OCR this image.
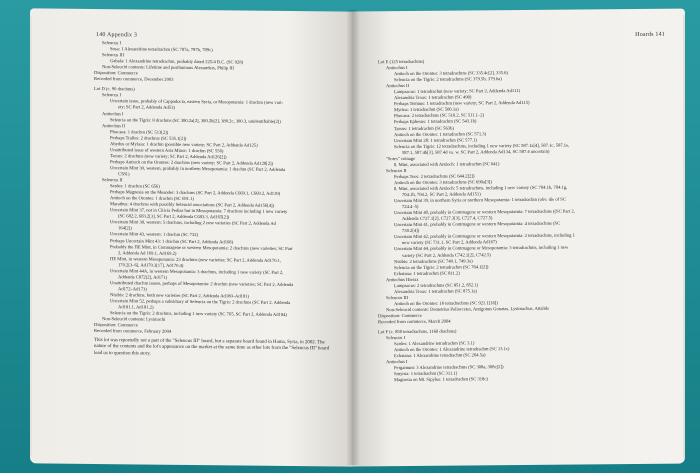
140 Appendix 3
Seleucus I
Susa: 1 Alexandrine tetradrachm (SC 787a, 787b, 789c)
Seleucus III
Gabala: 1 Alexandrine tetradrachm, probably dated 225/4 B.C. (SC 928)
Non-Seleucid contents: Lifetime and posthumous Alexanders, Philip III
Disposition: Commerce
Recorded from commerce, December 2003
Lot D (c. 90 drachms)
Seleucus I
Uncertain issue, probably of Cappadocia, eastern Syria, or Mesopotamia: 1 drachm (new vari-
ety; SC Part 2, Addenda Ad53)
Antiochus I
Seleucia on the Tigris: 8 drachms (SC 380.2a[2], 380.2b[2], 380.2c, 380.3, unidentifiable[2])
Antiochus II
Phocaea: 1 drachm (SC 513[2])
Perhaps Tralles: 2 drachms (SC 535.1[2])
Abydus or Mylasa: 1 drachm (possible new variety; SC Part 2, Addenda Ad125)
Unattributed issue of western Asia Minor: 1 drachm (SC 556)
Tarsus: 2 drachms (new variety; SC Part 2, Addenda Ad126[2])
Perhaps Antioch on the Orontes: 2 drachms (new variety; SC Part 2, Addenda Ad128[2])
Uncertain Mint 30, western, probably in northern Mesopotamia: 1 drachm (SC Part 2, Addenda
C581)
Seleucus II
Sardes: 1 drachm (SC 656)
Perhaps Magnesia on the Meander: 3 drachms (SC Part 2, Addenda C669.1, C669.2, Ad139)
Antioch on the Orontes: 1 drachm (SC 691.1)
Marathus: 4 drachms with possibly Seleucid associations (SC Part 2, Addenda Ad156[4])
Uncertain Mint 37, not in Cilicia Pedias but in Mesopotamia: 7 drachms including 1 new variety
(SC 682.2, 683.2[3], SC Part 2, Addenda C683.3, Ad165[2])
Uncertain Mint 38, western: 5 drachms, including 2 new varieties (SC Part 2, Addenda Ad
164[2])
Uncertain Mint 43, western: 1 drachm (SC 732)
Perhaps Uncertain Mint 43: 1 drachm (SC Part 2, Addenda Ad168)
Probably the ΠΕ Mint, in Commagene or western Mesopotamia: 2 drachms (new varieties; SC Part
2, Addenda Ad 169.1, Ad169.2)
ΠΕ Mint, in western Mesopotamia: 23 drachms (new varieties; SC Part 2, Addenda Ad170.1,
170.2[3–6], Ad170.3[17], Ad170.4)
Uncertain Mint 44A, in western Mesopotamia: 3 drachms, including 1 new variety (SC Part 2,
Addenda C872[2], Ad171)
Unattributed drachm issues, perhaps of Mesopotamia: 2 drachm (new varieties; SC Part 2, Addenda
Ad172–Ad173)
Nisibis: 2 drachms, both new varieties (SC Part 2, Addenda Ad180–Ad181)
Uncertain Mint 52, perhaps a subsidiary of Seleucia on the Tigris: 2 drachms (SC Part 2, Addenda
Ad181.1, Ad181.2)
Seleucia on the Tigris: 2 drachms, including 1 new variety (SC 765, SC Part 2, Addenda Ad184)
Non-Seleucid contents: Lysimachi
Disposition: Commerce
Recorded from commerce, February 2004
This lot was reportedly not a part of the "Seleucus III" hoard, but a separate hoard found in Hama, Syria, in 2002. The nature of the contents and the lot's appearance on the market at the same time as other lots from the "Seleucus III" hoard lead us to question this story.
Hoards 141
Lot E (125 tetradrachms)
Antiochus I
Antioch on the Orontes: 3 tetradrachms (SC 335.4c[2], 335.6)
Seleucia on the Tigris: 2 tetradrachms (SC 379.5b, 379.6a)
Antiochus II
Lampsacus: 1 tetradrachm (new variety; SC Part 2, Addenda Ad111)
Alexandria Troas: 1 tetradrachm (SC 490)
Perhaps Temnus: 1 tetradrachm (new variety; SC Part 2, Addenda Ad115)
Myrina: 1 tetradrachm (SC 500.1a)
Phocaea: 2 tetradrachms (SC 510.2, SC 511.1–2)
Perhaps Ephesus: 1 tetradrachm (SC 543.1b)
Tarsus: 1 tetradrachm (SC 563b)
Antioch on the Orontes: 1 tetradrachm (SC 571.3)
Uncertain Mint 28: 1 tetradrachm (SC 577.1)
Seleucia on the Tigris: 12 tetradrachms, including 1 new variety (SC 587.1a[4], 587.1c, 587.1e,
587.1, 587.4b[3], 587.4d va. w. SC Part 2, Addenda Ad134, SC 587.4 uncertain)
"Sotes" coinage
ß. Mint, associated with Antioch: 1 tetradrachm (SC 641)
Seleucus II
Perhaps Teos: 2 tetradrachms (SC 644.2[2])
Antioch on the Orontes: 3 tetradrachms (SC 690a[3])
ß. Mint, associated with Antioch: 5 tetradrachms, including 1 new variety (SC 704.1b, 704.1g,
704.1h, 704.2, SC Part 2, Addenda Ad151)
Uncertain Mint 39, in northern Syria or northern Mesopotamia: 1 tetradrachm (obv. die of SC
724.4–5)
Uncertain Mint 40, probably in Commagene or western Mesopotamia: 7 tetradrachms ((SC Part 2,
Addenda C727.1[2], C727.3[3], C727.4, C727.5)
Uncertain Mint 41, probably in Commagene or western Mesopotamia: 4 tetradrachms (SC
730.2[4])
Uncertain Mint 42, probably in Commagene or western Mesopotamia: 2 tetradrachms, including 1
new variety (SC 731.1, SC Part 2, Addenda Ad167)
Uncertain Mint 44, probably in Commagene or Mesopotamia: 3 tetradrachms, including 1 new
variety (SC Part 2, Addenda C742.1[2], C742.5)
Nisibis: 2 tetradrachms (SC 749.1, 749.3a)
Seleucia on the Tigris: 2 tetradrachm (SC 764.1[2])
Ecbatana: 1 tetradrachm (SC 811.2)
Antiochus Hierax
Lampsacus: 2 tetradrachms (SC 851.2, 852.1)
Alexandria Troas: 1 tetradrachm (SC 875.1a)
Seleucus III
Antioch on the Orontes: 16 tetradrachms (SC 921.1[16])
Non-Seleucid contents: Demetrius Poliorcetes, Antigonus Gonatas, Lysimachus, Attalids
Disposition: Commerce
Recorded from commerce, March 2004
Lot F (c. 850 tetradrachms, 1160 drachms)
Seleucus I
Sardes: 1 Alexandrine tetradrachm (SC 3.1)
Antioch on the Orontes: 1 Alexandrine tetradrachm (SC 13.1c)
Ecbatana: 1 Alexandrine tetradrachm (SC 204.5a)
Antiochus I
Pergamum: 3 Alexandrine tetradrachms (SC 308a, 308c[2])
Smyrna: 1 tetradrachm (SC 311.1)
Magnesia on Mt. Sipylus: 1 tetradrachm (SC 318c)
